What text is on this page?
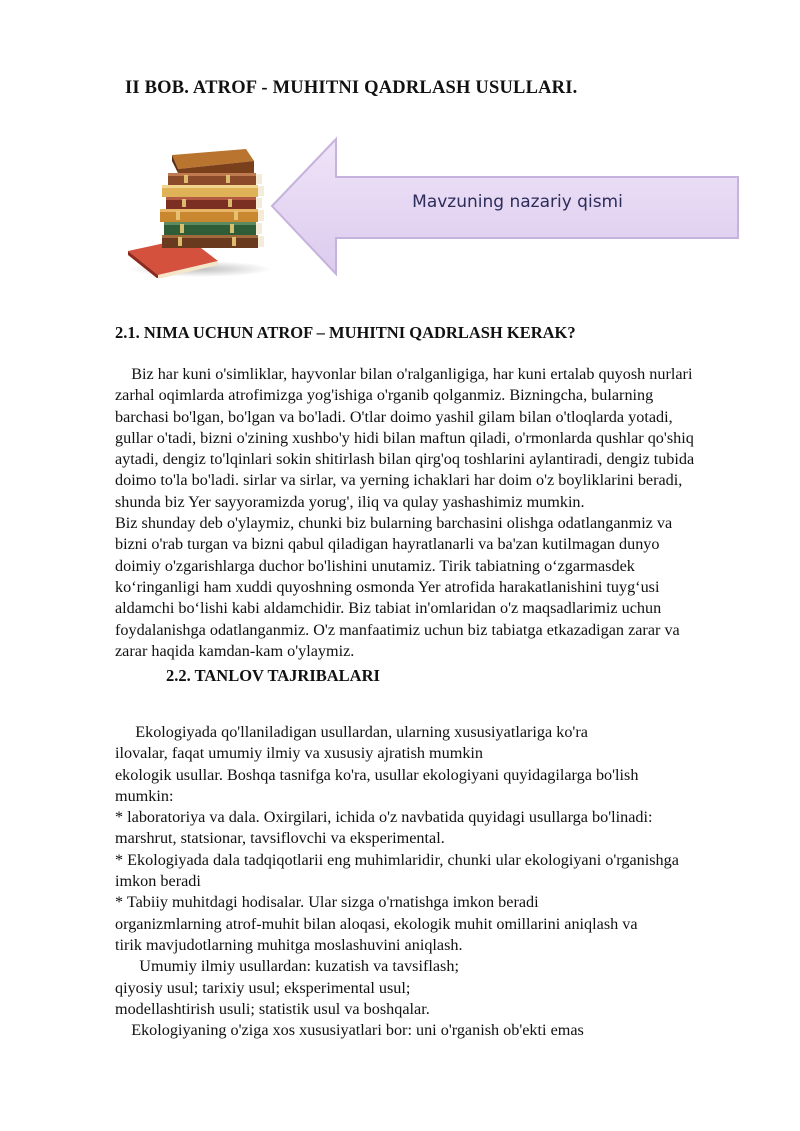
II BOB. ATROF - MUHITNI QADRLASH USULLARI.
Mavzuning nazariy qismi
2.1. NIMA UCHUN ATROF – MUHITNI QADRLASH KERAK?
Biz har kuni o'simliklar, hayvonlar bilan o'ralganligiga, har kuni ertalab quyosh nurlari
zarhal oqimlarda atrofimizga yog'ishiga o'rganib qolganmiz. Bizningcha, bularning
barchasi bo'lgan, bo'lgan va bo'ladi. O'tlar doimo yashil gilam bilan o'tloqlarda yotadi,
gullar o'tadi, bizni o'zining xushbo'y hidi bilan maftun qiladi, o'rmonlarda qushlar qo'shiq
aytadi, dengiz to'lqinlari sokin shitirlash bilan qirg'oq toshlarini aylantiradi, dengiz tubida
doimo to'la bo'ladi. sirlar va sirlar, va yerning ichaklari har doim o'z boyliklarini beradi,
shunda biz Yer sayyoramizda yorug', iliq va qulay yashashimiz mumkin.
Biz shunday deb o'ylaymiz, chunki biz bularning barchasini olishga odatlanganmiz va
bizni o'rab turgan va bizni qabul qiladigan hayratlanarli va ba'zan kutilmagan dunyo
doimiy o'zgarishlarga duchor bo'lishini unutamiz. Tirik tabiatning o‘zgarmasdek
ko‘ringanligi ham xuddi quyoshning osmonda Yer atrofida harakatlanishini tuyg‘usi
aldamchi bo‘lishi kabi aldamchidir. Biz tabiat in'omlaridan o'z maqsadlarimiz uchun
foydalanishga odatlanganmiz. O'z manfaatimiz uchun biz tabiatga etkazadigan zarar va
zarar haqida kamdan-kam o'ylaymiz.
2.2. TANLOV TAJRIBALARI
Ekologiyada qo'llaniladigan usullardan, ularning xususiyatlariga ko'ra
ilovalar, faqat umumiy ilmiy va xususiy ajratish mumkin
ekologik usullar. Boshqa tasnifga ko'ra, usullar ekologiyani quyidagilarga bo'lish
mumkin:
* laboratoriya va dala. Oxirgilari, ichida o'z navbatida quyidagi usullarga bo'linadi:
marshrut, statsionar, tavsiflovchi va eksperimental.
* Ekologiyada dala tadqiqotlarii eng muhimlaridir, chunki ular ekologiyani o'rganishga
imkon beradi
* Tabiiy muhitdagi hodisalar. Ular sizga o'rnatishga imkon beradi
organizmlarning atrof-muhit bilan aloqasi, ekologik muhit omillarini aniqlash va
tirik mavjudotlarning muhitga moslashuvini aniqlash.
Umumiy ilmiy usullardan: kuzatish va tavsiflash;
qiyosiy usul; tarixiy usul; eksperimental usul;
modellashtirish usuli; statistik usul va boshqalar.
Ekologiyaning o'ziga xos xususiyatlari bor: uni o'rganish ob'ekti emas
